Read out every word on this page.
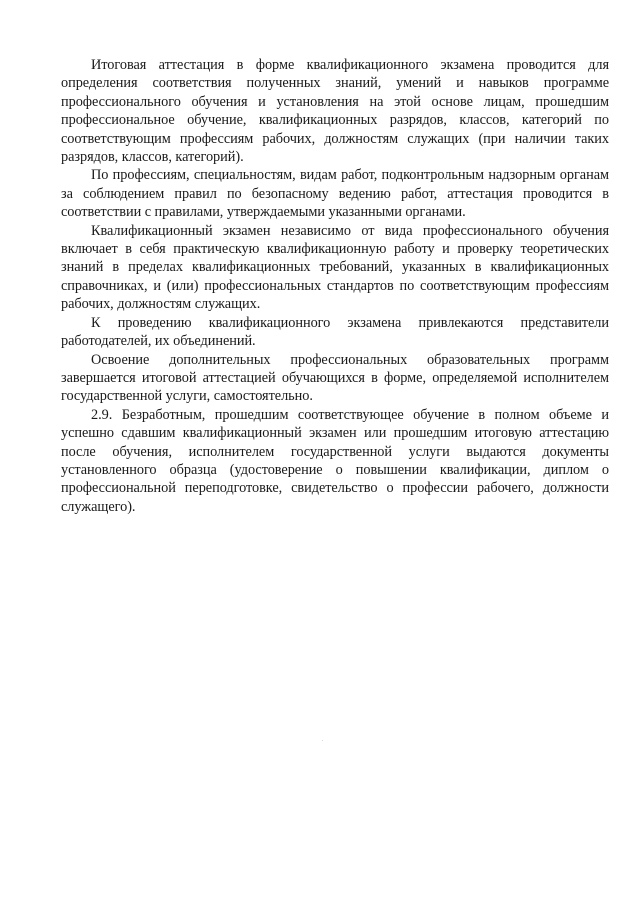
Итоговая аттестация в форме квалификационного экзамена проводится для определения соответствия полученных знаний, умений и навыков программе профессионального обучения и установления на этой основе лицам, прошедшим профессиональное обучение, квалификационных разрядов, классов, категорий по соответствующим профессиям рабочих, должностям служащих (при наличии таких разрядов, классов, категорий).

По профессиям, специальностям, видам работ, подконтрольным надзорным органам за соблюдением правил по безопасному ведению работ, аттестация проводится в соответствии с правилами, утверждаемыми указанными органами.

Квалификационный экзамен независимо от вида профессионального обучения включает в себя практическую квалификационную работу и проверку теоретических знаний в пределах квалификационных требований, указанных в квалификационных справочниках, и (или) профессиональных стандартов по соответствующим профессиям рабочих, должностям служащих.

К проведению квалификационного экзамена привлекаются представители работодателей, их объединений.

Освоение дополнительных профессиональных образовательных программ завершается итоговой аттестацией обучающихся в форме, определяемой исполнителем государственной услуги, самостоятельно.

2.9. Безработным, прошедшим соответствующее обучение в полном объеме и успешно сдавшим квалификационный экзамен или прошедшим итоговую аттестацию после обучения, исполнителем государственной услуги выдаются документы установленного образца (удостоверение о повышении квалификации, диплом о профессиональной переподготовке, свидетельство о профессии рабочего, должности служащего).
